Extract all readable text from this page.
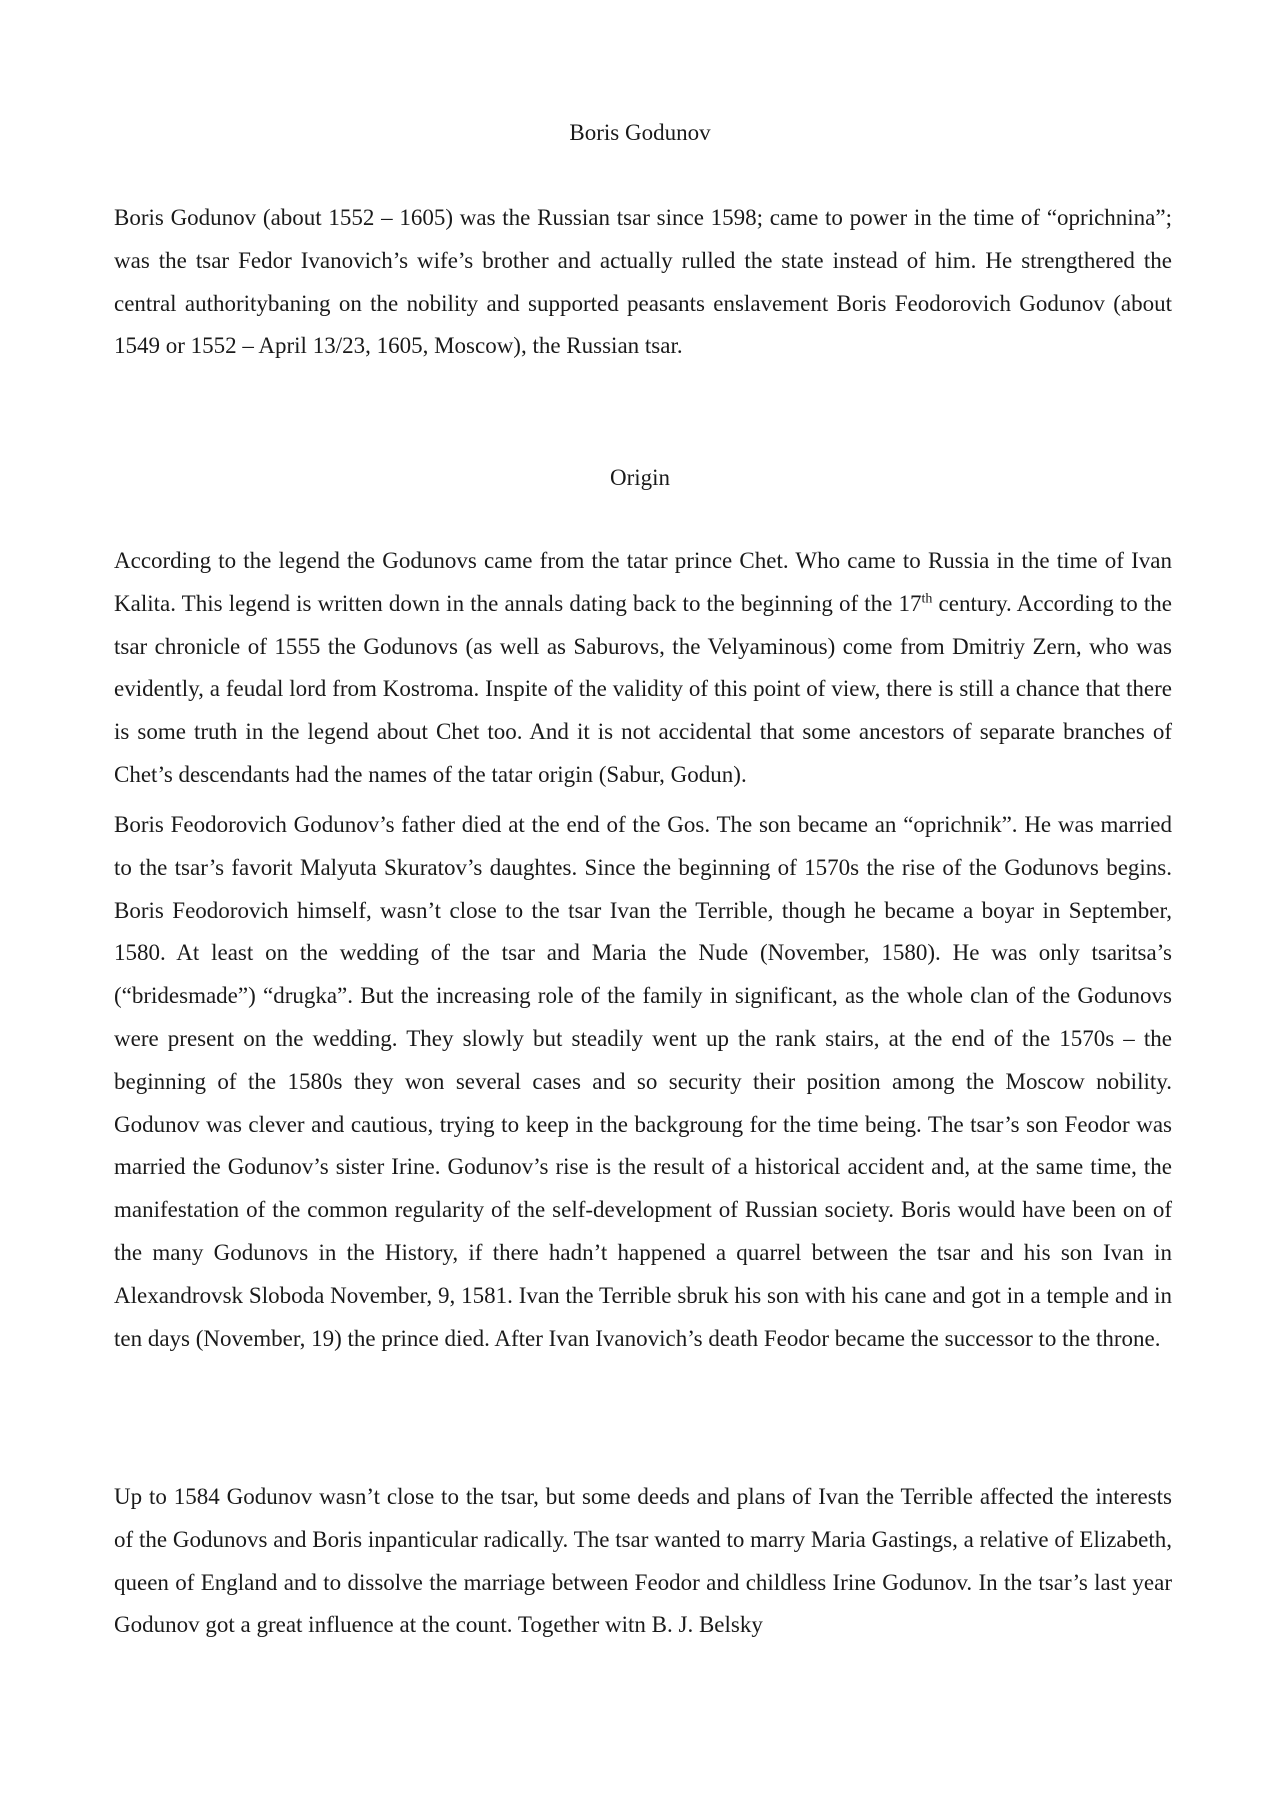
Boris Godunov

Boris Godunov (about 1552 – 1605) was the Russian tsar since 1598; came to power in the time of “oprichnina”; was the tsar Fedor Ivanovich’s wife’s brother and actually rulled the state instead of him. He strengthered the central authoritybaning on the nobility and supported peasants enslavement Boris Feodorovich Godunov (about 1549 or 1552 – April 13/23, 1605, Moscow), the Russian tsar.

Origin

According to the legend the Godunovs came from the tatar prince Chet. Who came to Russia in the time of Ivan Kalita. This legend is written down in the annals dating back to the beginning of the 17th century. According to the tsar chronicle of 1555 the Godunovs (as well as Saburovs, the Velyaminous) come from Dmitriy Zern, who was evidently, a feudal lord from Kostroma. Inspite of the validity of this point of view, there is still a chance that there is some truth in the legend about Chet too. And it is not accidental that some ancestors of separate branches of Chet’s descendants had the names of the tatar origin (Sabur, Godun).

Boris Feodorovich Godunov’s father died at the end of the Gos. The son became an “oprichnik”. He was married to the tsar’s favorit Malyuta Skuratov’s daughtes. Since the beginning of 1570s the rise of the Godunovs begins. Boris Feodorovich himself, wasn’t close to the tsar Ivan the Terrible, though he became a boyar in September, 1580. At least on the wedding of the tsar and Maria the Nude (November, 1580). He was only tsaritsa’s (“bridesmade”) “drugka”. But the increasing role of the family in significant, as the whole clan of the Godunovs were present on the wedding. They slowly but steadily went up the rank stairs, at the end of the 1570s – the beginning of the 1580s they won several cases and so security their position among the Moscow nobility. Godunov was clever and cautious, trying to keep in the backgroung for the time being. The tsar’s son Feodor was married the Godunov’s sister Irine. Godunov’s rise is the result of a historical accident and, at the same time, the manifestation of the common regularity of the self-development of Russian society. Boris would have been on of the many Godunovs in the History, if there hadn’t happened a quarrel between the tsar and his son Ivan in Alexandrovsk Sloboda November, 9, 1581. Ivan the Terrible sbruk his son with his cane and got in a temple and in ten days (November, 19) the prince died. After Ivan Ivanovich’s death Feodor became the successor to the throne.

Up to 1584 Godunov wasn’t close to the tsar, but some deeds and plans of Ivan the Terrible affected the interests of the Godunovs and Boris inpanticular radically. The tsar wanted to marry Maria Gastings, a relative of Elizabeth, queen of England and to dissolve the marriage between Feodor and childless Irine Godunov. In the tsar’s last year Godunov got a great influence at the count. Together witn B. J. Belsky
